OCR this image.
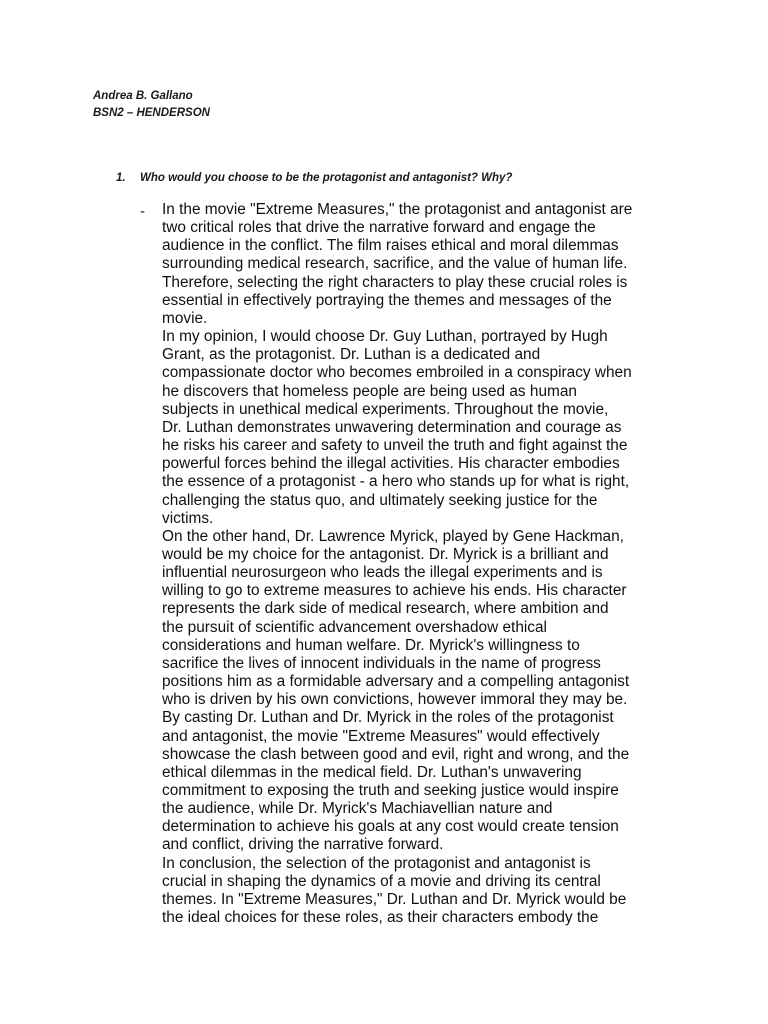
Andrea B. Gallano
BSN2 – HENDERSON
1. Who would you choose to be the protagonist and antagonist? Why?
- In the movie "Extreme Measures," the protagonist and antagonist are
two critical roles that drive the narrative forward and engage the
audience in the conflict. The film raises ethical and moral dilemmas
surrounding medical research, sacrifice, and the value of human life.
Therefore, selecting the right characters to play these crucial roles is
essential in effectively portraying the themes and messages of the
movie.
In my opinion, I would choose Dr. Guy Luthan, portrayed by Hugh
Grant, as the protagonist. Dr. Luthan is a dedicated and
compassionate doctor who becomes embroiled in a conspiracy when
he discovers that homeless people are being used as human
subjects in unethical medical experiments. Throughout the movie,
Dr. Luthan demonstrates unwavering determination and courage as
he risks his career and safety to unveil the truth and fight against the
powerful forces behind the illegal activities. His character embodies
the essence of a protagonist - a hero who stands up for what is right,
challenging the status quo, and ultimately seeking justice for the
victims.
On the other hand, Dr. Lawrence Myrick, played by Gene Hackman,
would be my choice for the antagonist. Dr. Myrick is a brilliant and
influential neurosurgeon who leads the illegal experiments and is
willing to go to extreme measures to achieve his ends. His character
represents the dark side of medical research, where ambition and
the pursuit of scientific advancement overshadow ethical
considerations and human welfare. Dr. Myrick's willingness to
sacrifice the lives of innocent individuals in the name of progress
positions him as a formidable adversary and a compelling antagonist
who is driven by his own convictions, however immoral they may be.
By casting Dr. Luthan and Dr. Myrick in the roles of the protagonist
and antagonist, the movie "Extreme Measures" would effectively
showcase the clash between good and evil, right and wrong, and the
ethical dilemmas in the medical field. Dr. Luthan's unwavering
commitment to exposing the truth and seeking justice would inspire
the audience, while Dr. Myrick's Machiavellian nature and
determination to achieve his goals at any cost would create tension
and conflict, driving the narrative forward.
In conclusion, the selection of the protagonist and antagonist is
crucial in shaping the dynamics of a movie and driving its central
themes. In "Extreme Measures," Dr. Luthan and Dr. Myrick would be
the ideal choices for these roles, as their characters embody the
